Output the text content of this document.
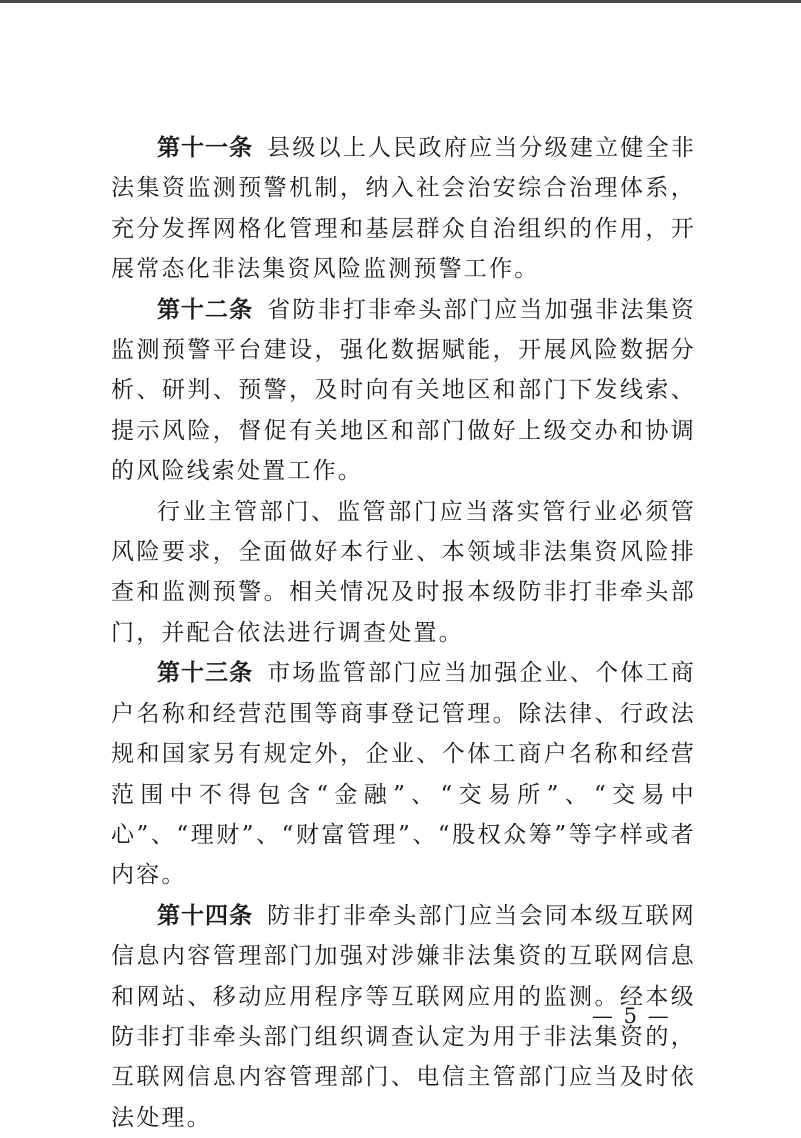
第十一条 县级以上人民政府应当分级建立健全非法集资监测预警机制，纳入社会治安综合治理体系，充分发挥网格化管理和基层群众自治组织的作用，开展常态化非法集资风险监测预警工作。

第十二条 省防非打非牵头部门应当加强非法集资监测预警平台建设，强化数据赋能，开展风险数据分析、研判、预警，及时向有关地区和部门下发线索、提示风险，督促有关地区和部门做好上级交办和协调的风险线索处置工作。

行业主管部门、监管部门应当落实管行业必须管风险要求，全面做好本行业、本领域非法集资风险排查和监测预警。相关情况及时报本级防非打非牵头部门，并配合依法进行调查处置。

第十三条 市场监管部门应当加强企业、个体工商户名称和经营范围等商事登记管理。除法律、行政法规和国家另有规定外，企业、个体工商户名称和经营范围中不得包含“金融”、“交易所”、“交易中心”、“理财”、“财富管理”、“股权众筹”等字样或者内容。

第十四条 防非打非牵头部门应当会同本级互联网信息内容管理部门加强对涉嫌非法集资的互联网信息和网站、移动应用程序等互联网应用的监测。经本级防非打非牵头部门组织调查认定为用于非法集资的，互联网信息内容管理部门、电信主管部门应当及时依法处理。

— 5 —
